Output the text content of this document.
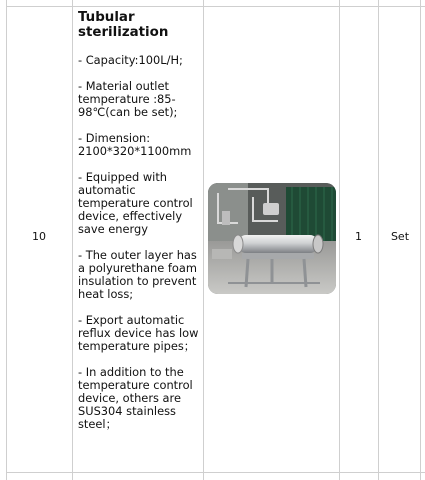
10
Tubular
sterilization
- Capacity:100L/H;
- Material outlet temperature :85-98℃(can be set);
- Dimension: 2100*320*1100mm
- Equipped with automatic temperature control device, effectively save energy
- The outer layer has a polyurethane foam insulation to prevent heat loss;
- Export automatic reflux device has low temperature pipes；
- In addition to the temperature control device, others are SUS304 stainless steel；
1	Set
